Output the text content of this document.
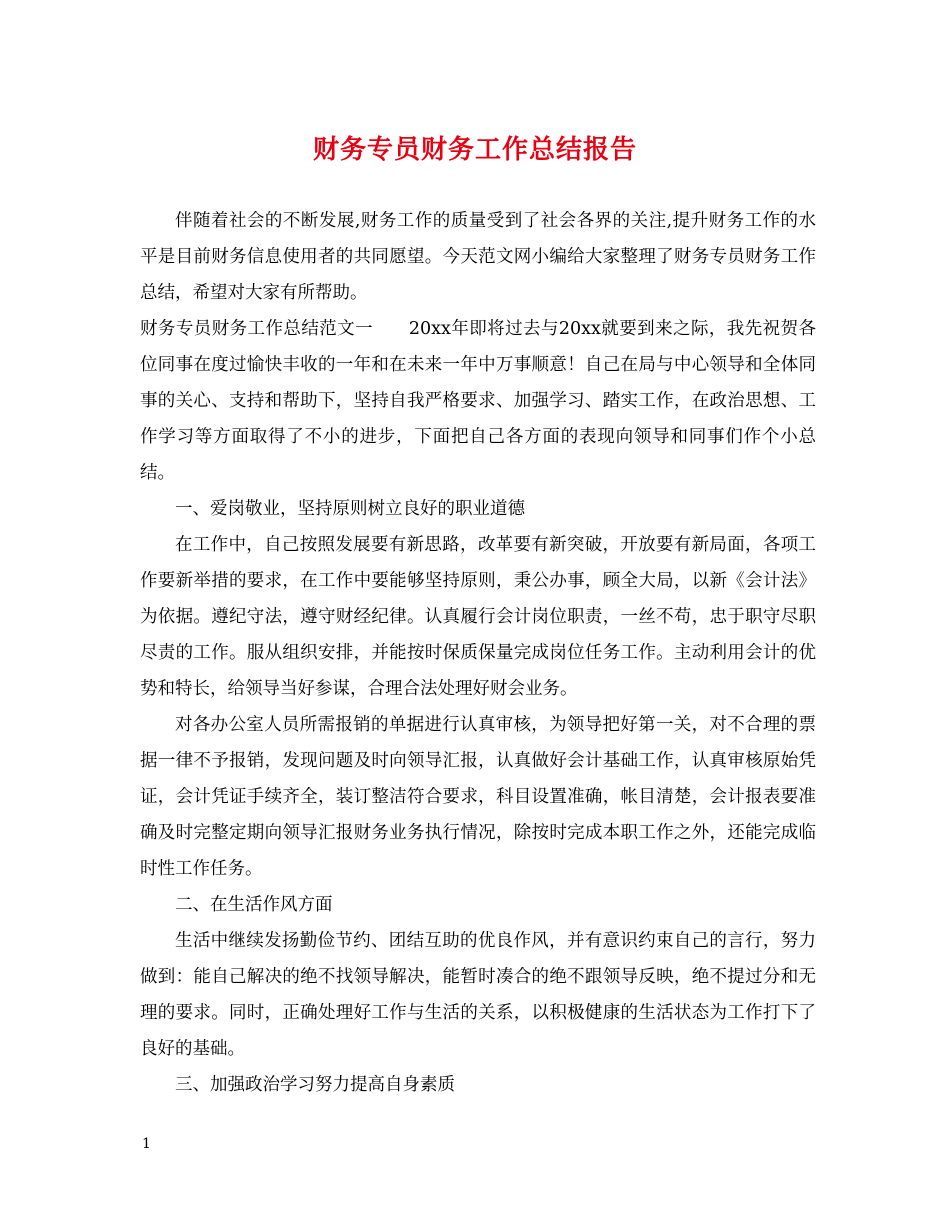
财务专员财务工作总结报告

伴随着社会的不断发展,财务工作的质量受到了社会各界的关注,提升财务工作的水平是目前财务信息使用者的共同愿望。今天范文网小编给大家整理了财务专员财务工作总结，希望对大家有所帮助。

财务专员财务工作总结范文一　　20xx年即将过去与20xx就要到来之际，我先祝贺各位同事在度过愉快丰收的一年和在未来一年中万事顺意！自己在局与中心领导和全体同事的关心、支持和帮助下，坚持自我严格要求、加强学习、踏实工作，在政治思想、工作学习等方面取得了不小的进步，下面把自己各方面的表现向领导和同事们作个小总结。

一、爱岗敬业，坚持原则树立良好的职业道德

在工作中，自己按照发展要有新思路，改革要有新突破，开放要有新局面，各项工作要新举措的要求，在工作中要能够坚持原则，秉公办事，顾全大局，以新《会计法》为依据。遵纪守法，遵守财经纪律。认真履行会计岗位职责，一丝不苟，忠于职守尽职尽责的工作。服从组织安排，并能按时保质保量完成岗位任务工作。主动利用会计的优势和特长，给领导当好参谋，合理合法处理好财会业务。

对各办公室人员所需报销的单据进行认真审核，为领导把好第一关，对不合理的票据一律不予报销，发现问题及时向领导汇报，认真做好会计基础工作，认真审核原始凭证，会计凭证手续齐全，装订整洁符合要求，科目设置准确，帐目清楚，会计报表要准确及时完整定期向领导汇报财务业务执行情况，除按时完成本职工作之外，还能完成临时性工作任务。

二、在生活作风方面

生活中继续发扬勤俭节约、团结互助的优良作风，并有意识约束自己的言行，努力做到：能自己解决的绝不找领导解决，能暂时凑合的绝不跟领导反映，绝不提过分和无理的要求。同时，正确处理好工作与生活的关系，以积极健康的生活状态为工作打下了良好的基础。

三、加强政治学习努力提高自身素质

1
